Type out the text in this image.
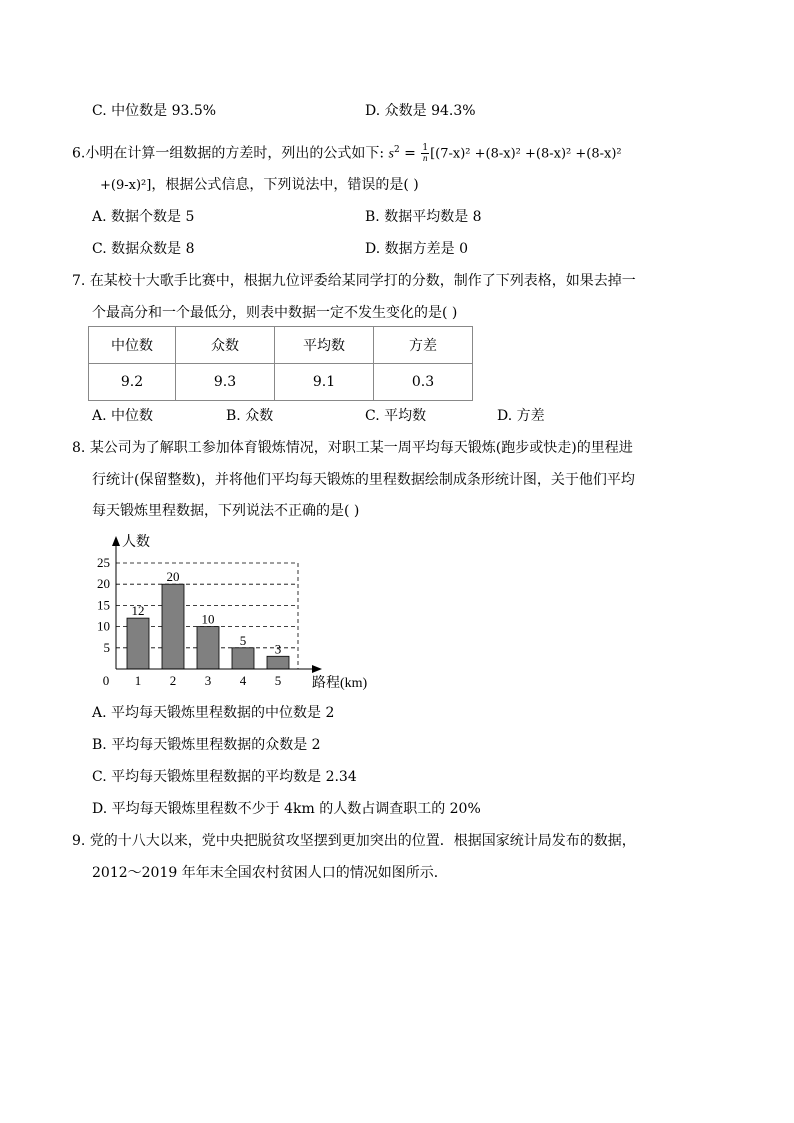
C. 中位数是 93.5%	D. 众数是 94.3%
6.小明在计算一组数据的方差时，列出的公式如下: $s^2 = \frac{1}{n} [(7-x)^2 +(8-x)^2 +(8-x)^2 +(8-x)^2$
+(9-x)²]，根据公式信息，下列说法中，错误的是( )
A. 数据个数是 5	B. 数据平均数是 8
C. 数据众数是 8	D. 数据方差是 0
7. 在某校十大歌手比赛中，根据九位评委给某同学打的分数，制作了下列表格，如果去掉一
个最高分和一个最低分，则表中数据一定不发生变化的是( )
中位数	众数	平均数	方差
9.2	9.3	9.1	0.3
A. 中位数	B. 众数	C. 平均数	D. 方差
8. 某公司为了解职工参加体育锻炼情况，对职工某一周平均每天锻炼(跑步或快走)的里程进
行统计(保留整数)，并将他们平均每天锻炼的里程数据绘制成条形统计图，关于他们平均
每天锻炼里程数据，下列说法不正确的是( )
5
10
15
20
25
12
1
20
2
10
3
5
4
3
5
0
人数
路程(km)
A. 平均每天锻炼里程数据的中位数是 2
B. 平均每天锻炼里程数据的众数是 2
C. 平均每天锻炼里程数据的平均数是 2.34
D. 平均每天锻炼里程数不少于 4km 的人数占调查职工的 20%
9. 党的十八大以来，党中央把脱贫攻坚摆到更加突出的位置．根据国家统计局发布的数据，
2012～2019 年年末全国农村贫困人口的情况如图所示．
